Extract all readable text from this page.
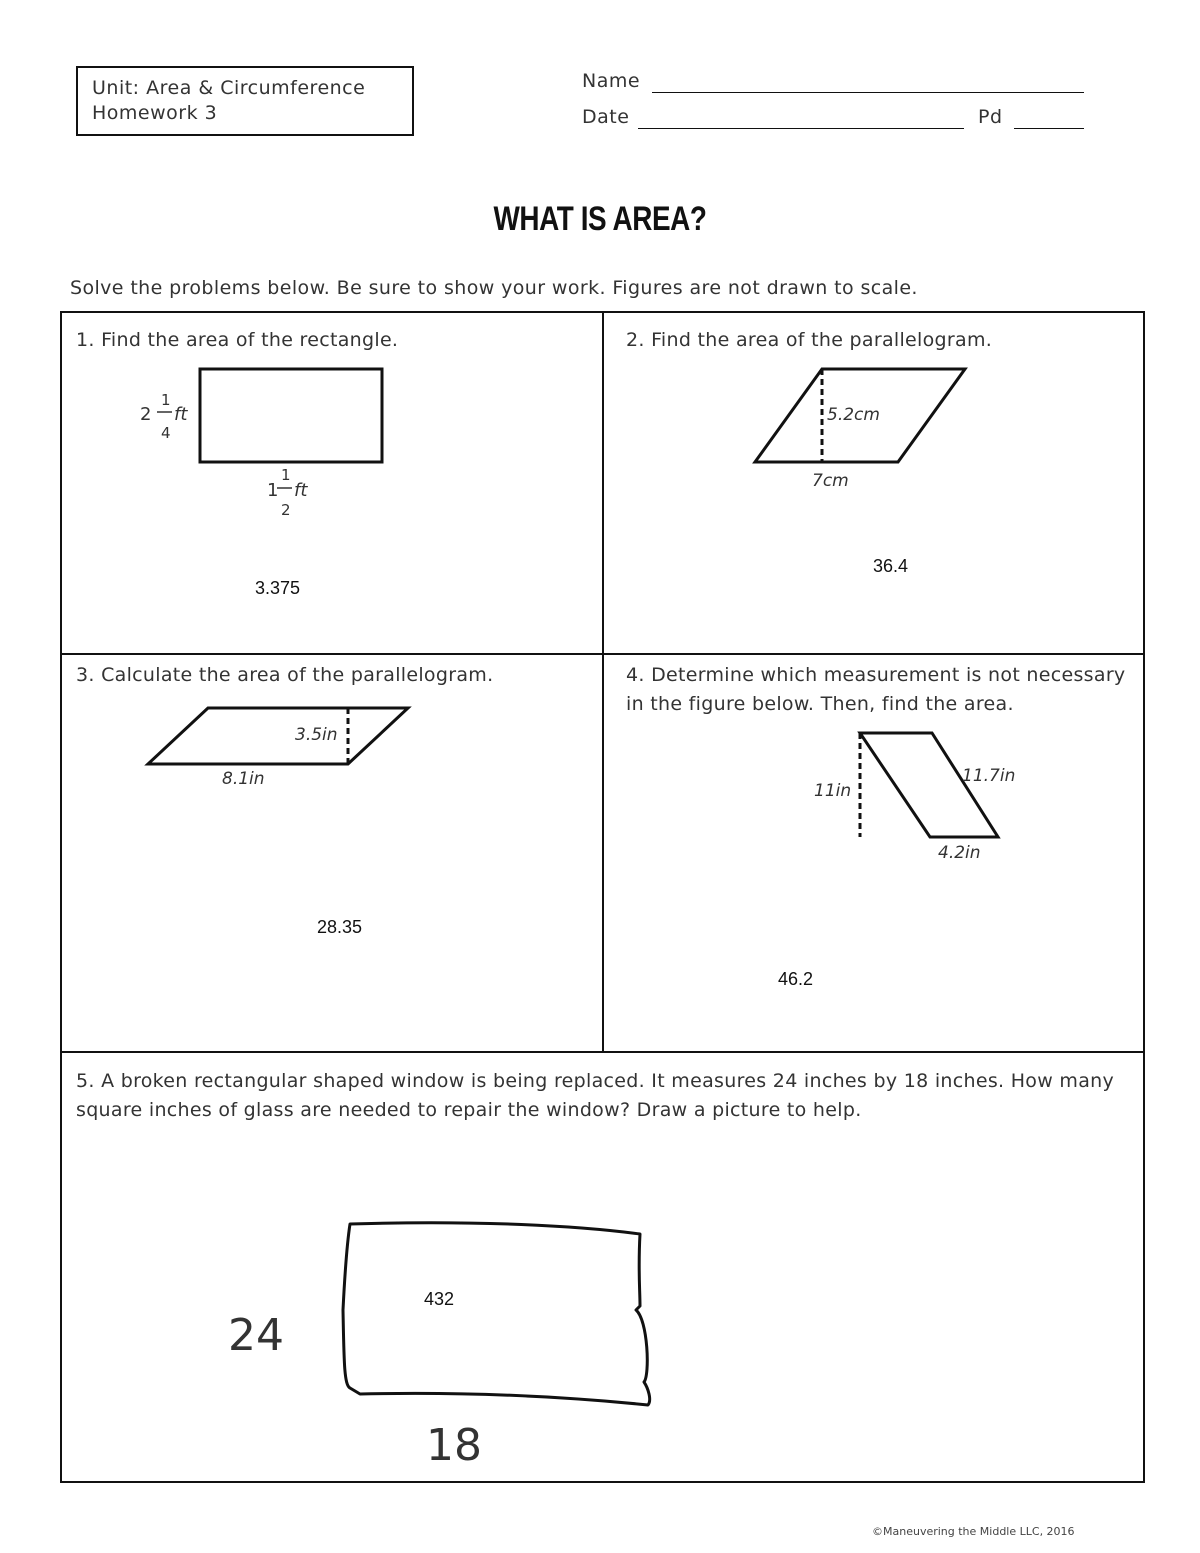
Unit: Area & Circumference
Homework 3
Name
Date	Pd
WHAT IS AREA?
Solve the problems below. Be sure to show your work. Figures are not drawn to scale.
1. Find the area of the rectangle.
2
1
4
ft
1
1
2
ft
3.375
2. Find the area of the parallelogram.
5.2cm
7cm
36.4
3. Calculate the area of the parallelogram.
3.5in
8.1in
28.35
4. Determine which measurement is not necessary in the figure below. Then, find the area.
11in
11.7in
4.2in
46.2
5. A broken rectangular shaped window is being replaced. It measures 24 inches by 18 inches. How many square inches of glass are needed to repair the window? Draw a picture to help.
24
18
432
©Maneuvering the Middle LLC, 2016
